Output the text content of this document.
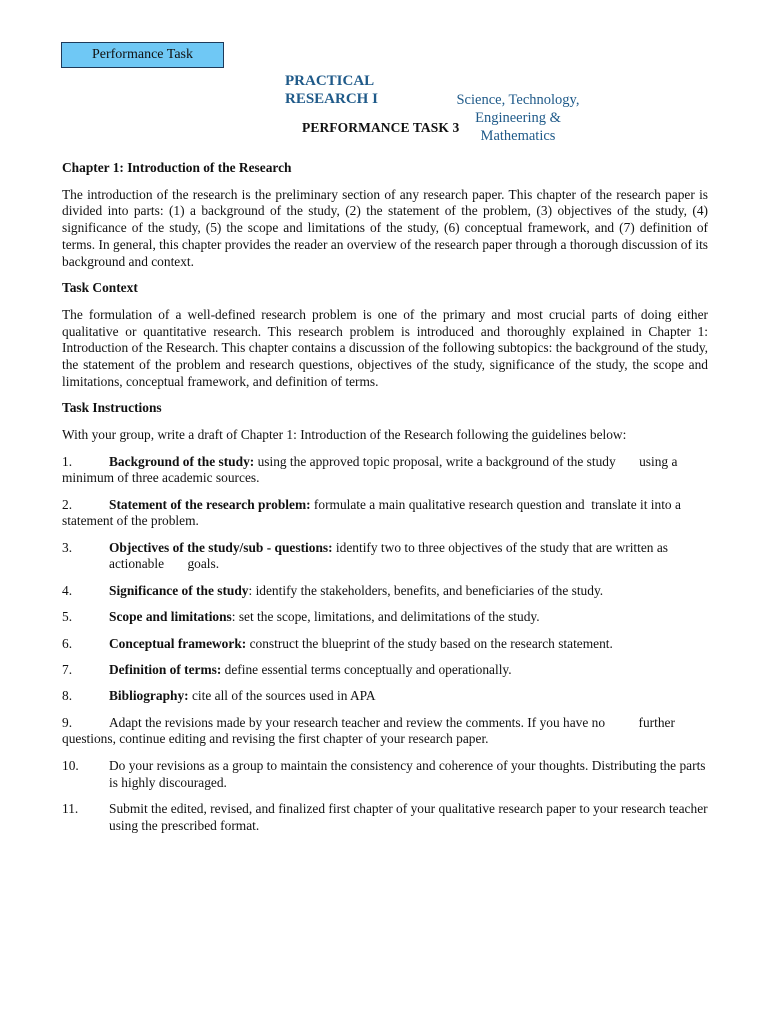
Performance Task
PRACTICAL
RESEARCH I	Science, Technology,
Engineering &
Mathematics
PERFORMANCE TASK 3

Chapter 1: Introduction of the Research

The introduction of the research is the preliminary section of any research paper. This chapter of the research paper is divided into parts: (1) a background of the study, (2) the statement of the problem, (3) objectives of the study, (4) significance of the study, (5) the scope and limitations of the study, (6) conceptual framework, and (7) definition of terms. In general, this chapter provides the reader an overview of the research paper through a thorough discussion of its background and context.

Task Context

The formulation of a well-defined research problem is one of the primary and most crucial parts of doing either qualitative or quantitative research. This research problem is introduced and thoroughly explained in Chapter 1: Introduction of the Research. This chapter contains a discussion of the following subtopics: the background of the study, the statement of the problem and research questions, objectives of the study, significance of the study, the scope and limitations, conceptual framework, and definition of terms.

Task Instructions

With your group, write a draft of Chapter 1: Introduction of the Research following the guidelines below:

1.	Background of the study: using the approved topic proposal, write a background of the study       using a minimum of three academic sources.
2.	Statement of the research problem: formulate a main qualitative research question and  translate it into a statement of the problem.
3.	Objectives of the study/sub - questions: identify two to three objectives of the study that are written as actionable       goals.
4.	Significance of the study: identify the stakeholders, benefits, and beneficiaries of the study.
5.	Scope and limitations: set the scope, limitations, and delimitations of the study.
6.	Conceptual framework: construct the blueprint of the study based on the research statement.
7.	Definition of terms: define essential terms conceptually and operationally.
8.	Bibliography: cite all of the sources used in APA
9.	Adapt the revisions made by your research teacher and review the comments. If you have no          further questions, continue editing and revising the first chapter of your research paper.
10.	Do your revisions as a group to maintain the consistency and coherence of your thoughts. Distributing the parts is highly discouraged.
11.	Submit the edited, revised, and finalized first chapter of your qualitative research paper to your research teacher using the prescribed format.
